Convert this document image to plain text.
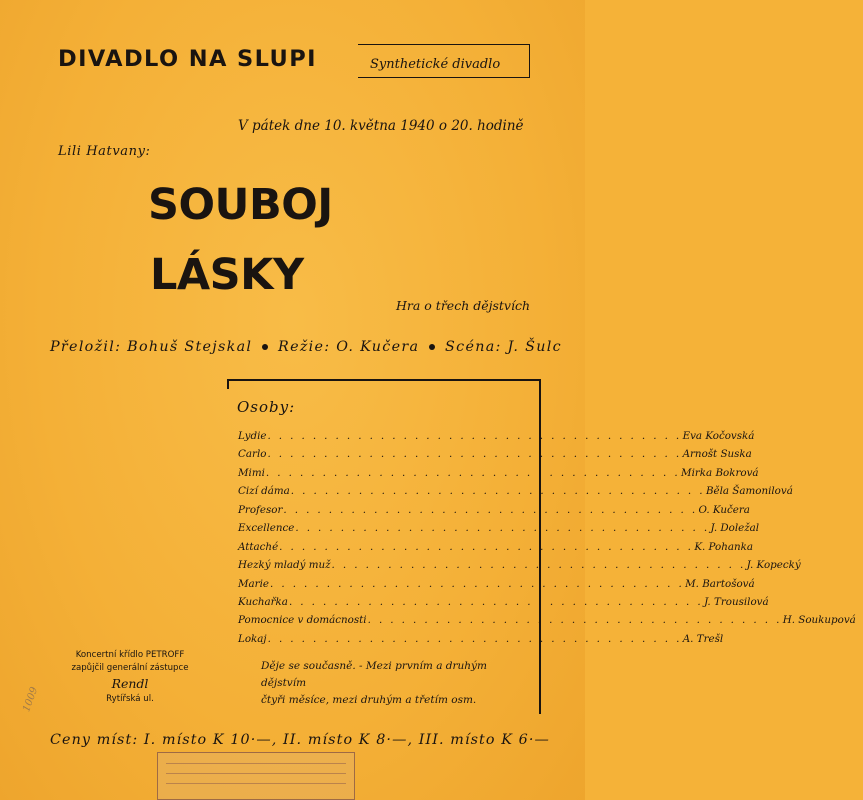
DIVADLO NA SLUPI	Synthetické divadlo
V pátek dne 10. května 1940 o 20. hodině
Lili Hatvany:
SOUBOJ
LÁSKY
Hra o třech dějstvích
Přeložil: Bohuš Stejskal Režie: O. Kučera Scéna: J. Šulc
Osoby:
Lydie . . . . . . . . . . . . . . . . . . . . . . . . . . . . . . . . . . . . . Eva Kočovská
Carlo . . . . . . . . . . . . . . . . . . . . . . . . . . . . . . . . . . . . . Arnošt Suska
Mimi . . . . . . . . . . . . . . . . . . . . . . . . . . . . . . . . . . . . . Mirka Bokrová
Cizí dáma . . . . . . . . . . . . . . . . . . . . . . . . . . . . . . . . . . . . . Běla Šamonilová
Profesor . . . . . . . . . . . . . . . . . . . . . . . . . . . . . . . . . . . . . O. Kučera
Excellence . . . . . . . . . . . . . . . . . . . . . . . . . . . . . . . . . . . . . J. Doležal
Attaché . . . . . . . . . . . . . . . . . . . . . . . . . . . . . . . . . . . . . K. Pohanka
Hezký mladý muž . . . . . . . . . . . . . . . . . . . . . . . . . . . . . . . . . . . . . J. Kopecký
Marie . . . . . . . . . . . . . . . . . . . . . . . . . . . . . . . . . . . . . M. Bartošová
Kuchařka . . . . . . . . . . . . . . . . . . . . . . . . . . . . . . . . . . . . . J. Trousilová
Pomocnice v domácnosti . . . . . . . . . . . . . . . . . . . . . . . . . . . . . . . . . . . . . H. Soukupová
Lokaj . . . . . . . . . . . . . . . . . . . . . . . . . . . . . . . . . . . . . A. Trešl
Děje se současně. - Mezi prvním a druhým dějstvím
čtyři měsíce, mezi druhým a třetím osm.
Koncertní křídlo PETROFF
zapůjčil generální zástupce
Rendl
Rytířská ul.
Ceny míst: I. místo K 10·—, II. místo K 8·—, III. místo K 6·—
1009
